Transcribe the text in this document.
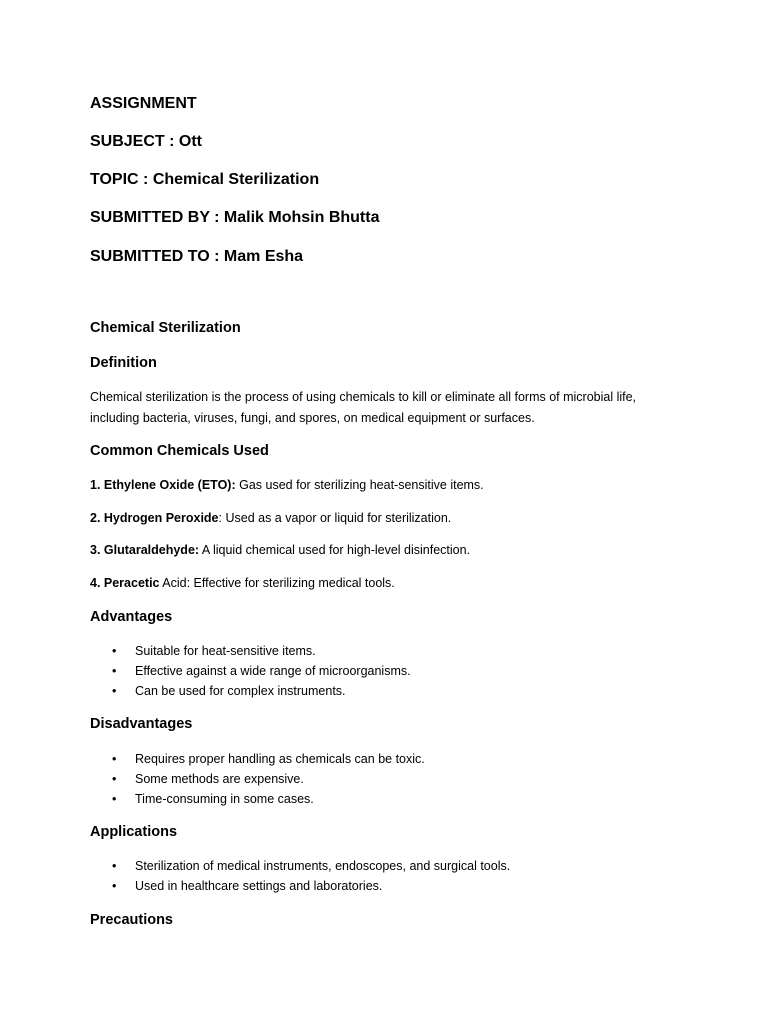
ASSIGNMENT
SUBJECT : Ott
TOPIC : Chemical Sterilization
SUBMITTED BY : Malik Mohsin Bhutta
SUBMITTED TO : Mam Esha
Chemical Sterilization
Definition
Chemical sterilization is the process of using chemicals to kill or eliminate all forms of microbial life, including bacteria, viruses, fungi, and spores, on medical equipment or surfaces.
Common Chemicals Used
1. Ethylene Oxide (ETO): Gas used for sterilizing heat-sensitive items.
2. Hydrogen Peroxide: Used as a vapor or liquid for sterilization.
3. Glutaraldehyde: A liquid chemical used for high-level disinfection.
4. Peracetic Acid: Effective for sterilizing medical tools.
Advantages
• Suitable for heat-sensitive items.
• Effective against a wide range of microorganisms.
• Can be used for complex instruments.
Disadvantages
• Requires proper handling as chemicals can be toxic.
• Some methods are expensive.
• Time-consuming in some cases.
Applications
• Sterilization of medical instruments, endoscopes, and surgical tools.
• Used in healthcare settings and laboratories.
Precautions
